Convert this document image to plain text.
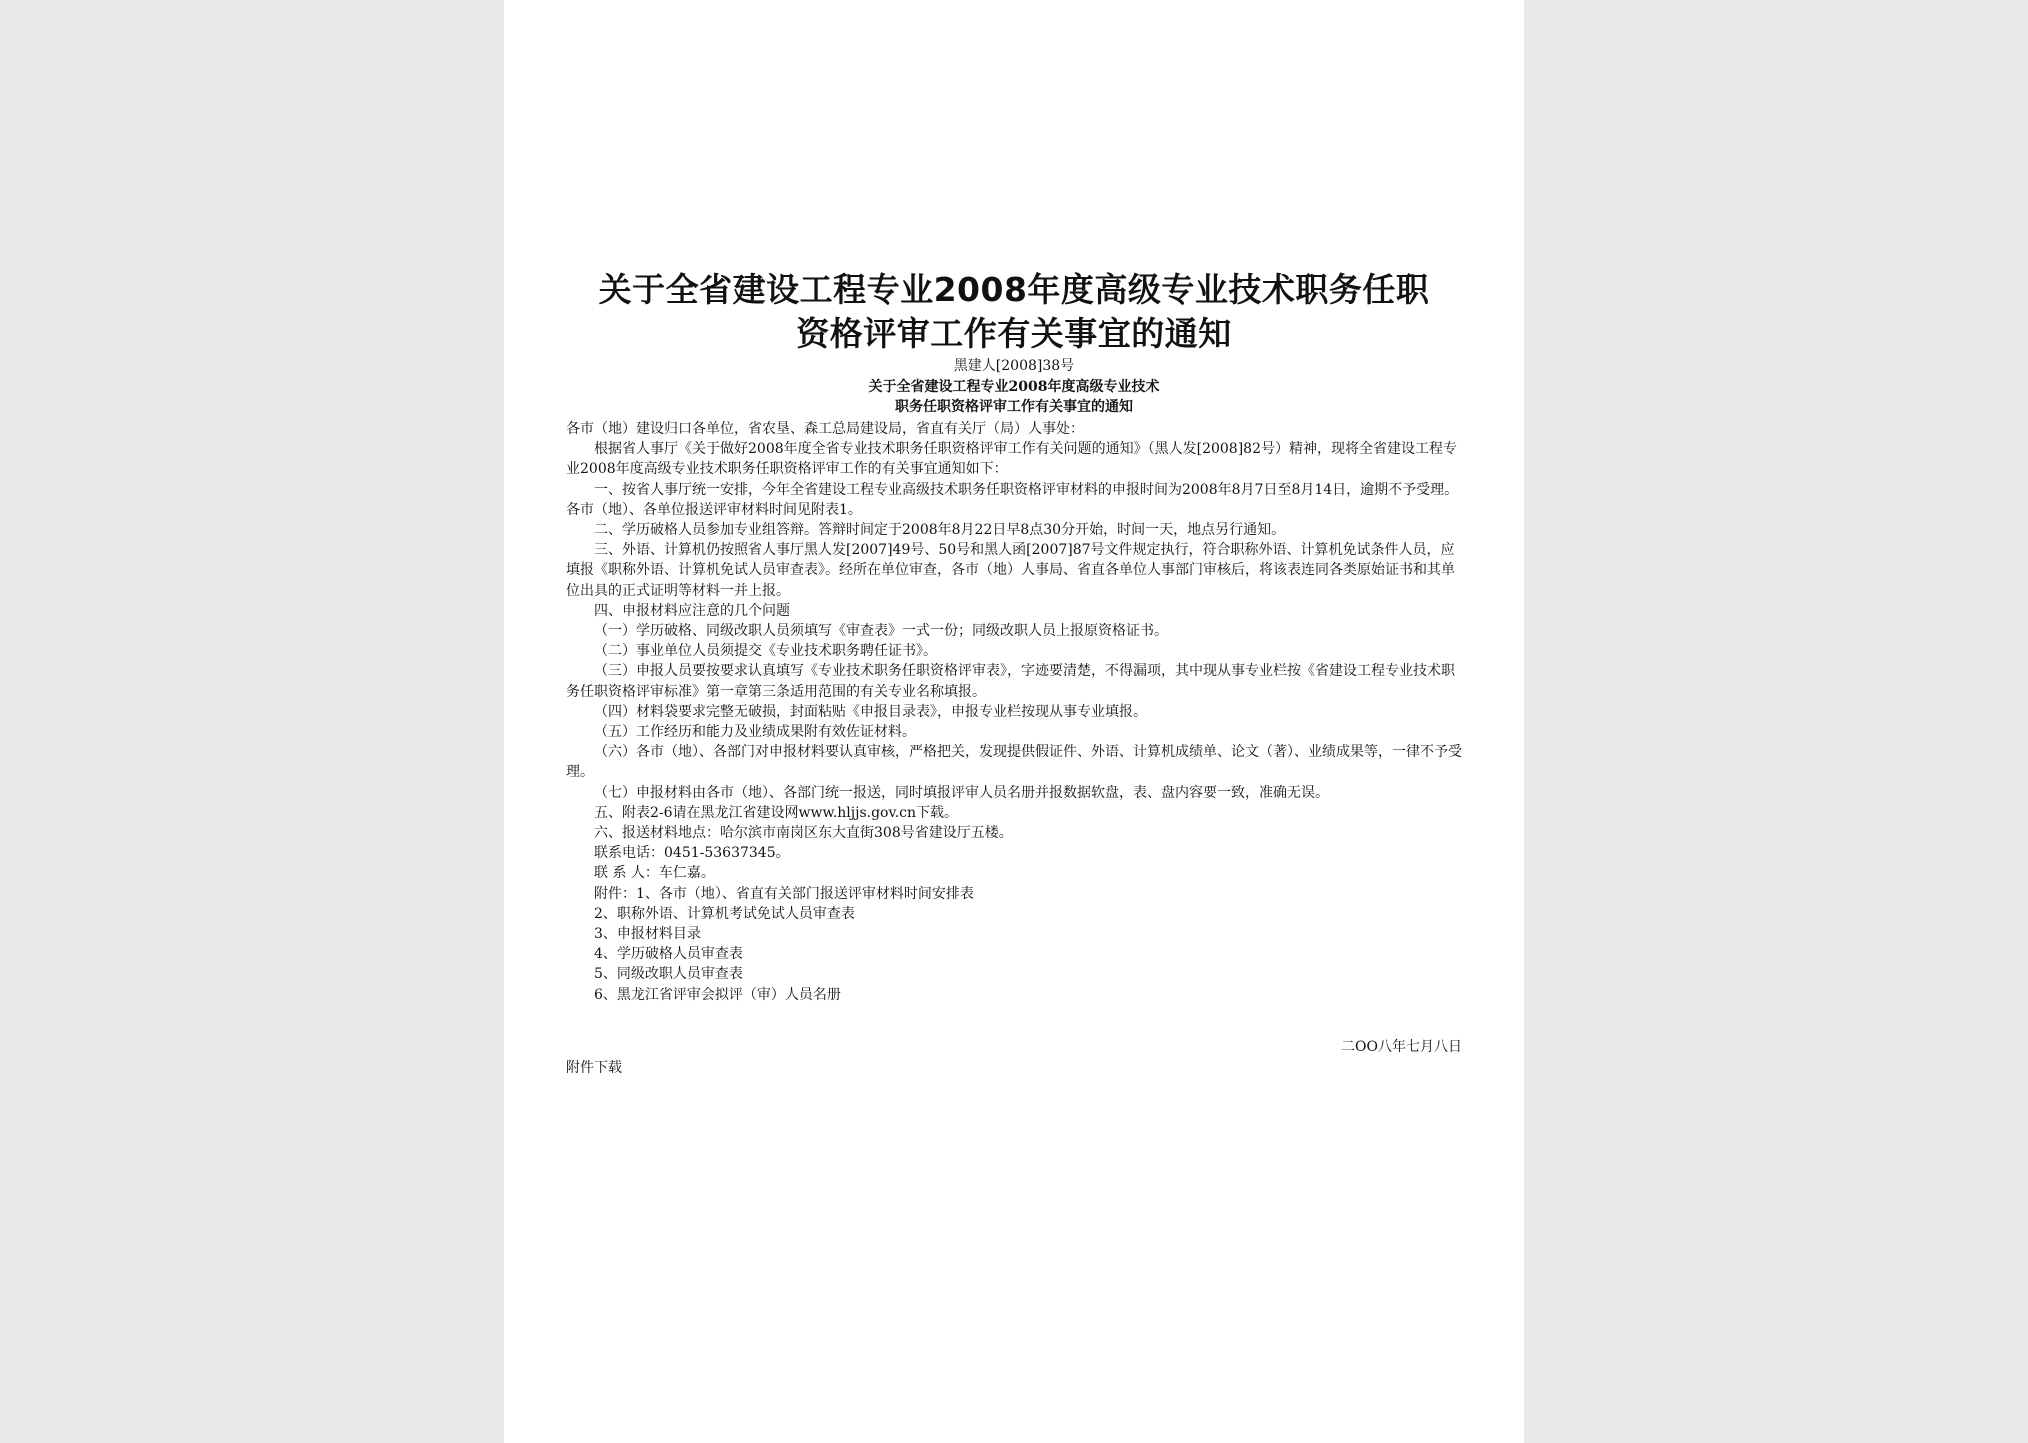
关于全省建设工程专业2008年度高级专业技术职务任职
资格评审工作有关事宜的通知
黑建人[2008]38号
关于全省建设工程专业2008年度高级专业技术
职务任职资格评审工作有关事宜的通知

各市（地）建设归口各单位，省农垦、森工总局建设局，省直有关厅（局）人事处：

根据省人事厅《关于做好2008年度全省专业技术职务任职资格评审工作有关问题的通知》（黑人发[2008]82号）精神，现将全省建设工程专业2008年度高级专业技术职务任职资格评审工作的有关事宜通知如下：

一、按省人事厅统一安排，今年全省建设工程专业高级技术职务任职资格评审材料的申报时间为2008年8月7日至8月14日，逾期不予受理。各市（地）、各单位报送评审材料时间见附表1。

二、学历破格人员参加专业组答辩。答辩时间定于2008年8月22日早8点30分开始，时间一天，地点另行通知。

三、外语、计算机仍按照省人事厅黑人发[2007]49号、50号和黑人函[2007]87号文件规定执行，符合职称外语、计算机免试条件人员，应填报《职称外语、计算机免试人员审查表》。经所在单位审查，各市（地）人事局、省直各单位人事部门审核后，将该表连同各类原始证书和其单位出具的正式证明等材料一并上报。

四、申报材料应注意的几个问题

（一）学历破格、同级改职人员须填写《审查表》一式一份；同级改职人员上报原资格证书。

（二）事业单位人员须提交《专业技术职务聘任证书》。

（三）申报人员要按要求认真填写《专业技术职务任职资格评审表》，字迹要清楚，不得漏项，其中现从事专业栏按《省建设工程专业技术职务任职资格评审标准》第一章第三条适用范围的有关专业名称填报。

（四）材料袋要求完整无破损，封面粘贴《申报目录表》，申报专业栏按现从事专业填报。

（五）工作经历和能力及业绩成果附有效佐证材料。

（六）各市（地）、各部门对申报材料要认真审核，严格把关，发现提供假证件、外语、计算机成绩单、论文（著）、业绩成果等，一律不予受理。

（七）申报材料由各市（地）、各部门统一报送，同时填报评审人员名册并报数据软盘，表、盘内容要一致，准确无误。

五、附表2-6请在黑龙江省建设网www.hljjs.gov.cn下载。

六、报送材料地点：哈尔滨市南岗区东大直街308号省建设厅五楼。

联系电话：0451-53637345。

联 系 人：车仁嘉。

附件：1、各市（地）、省直有关部门报送评审材料时间安排表

2、职称外语、计算机考试免试人员审查表

3、申报材料目录

4、学历破格人员审查表

5、同级改职人员审查表

6、黑龙江省评审会拟评（审）人员名册

二OO八年七月八日
附件下载
